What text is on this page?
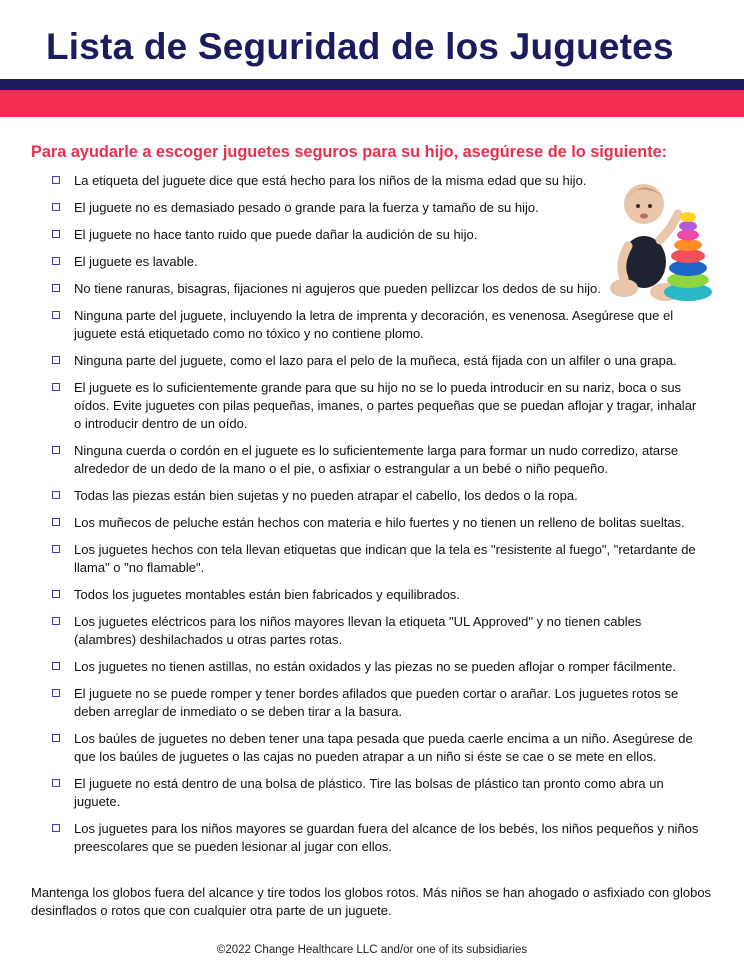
Lista de Seguridad de los Juguetes
Para ayudarle a escoger juguetes seguros para su hijo, asegúrese de lo siguiente:
La etiqueta del juguete dice que está hecho para los niños de la misma edad que su hijo.
El juguete no es demasiado pesado o grande para la fuerza y tamaño de su hijo.
El juguete no hace tanto ruido que puede dañar la audición de su hijo.
El juguete es lavable.
No tiene ranuras, bisagras, fijaciones ni agujeros que pueden pellizcar los dedos de su hijo.
Ninguna parte del juguete, incluyendo la letra de imprenta y decoración, es venenosa. Asegúrese que el juguete está etiquetado como no tóxico y no contiene plomo.
Ninguna parte del juguete, como el lazo para el pelo de la muñeca, está fijada con un alfiler o una grapa.
El juguete es lo suficientemente grande para que su hijo no se lo pueda introducir en su nariz, boca o sus oídos. Evite juguetes con pilas pequeñas, imanes, o partes pequeñas que se puedan aflojar y tragar, inhalar o introducir dentro de un oído.
Ninguna cuerda o cordón en el juguete es lo suficientemente larga para formar un nudo corredizo, atarse alrededor de un dedo de la mano o el pie, o asfixiar o estrangular a un bebé o niño pequeño.
Todas las piezas están bien sujetas y no pueden atrapar el cabello, los dedos o la ropa.
Los muñecos de peluche están hechos con materia e hilo fuertes y no tienen un relleno de bolitas sueltas.
Los juguetes hechos con tela llevan etiquetas que indican que la tela es "resistente al fuego", "retardante de llama" o "no flamable".
Todos los juguetes montables están bien fabricados y equilibrados.
Los juguetes eléctricos para los niños mayores llevan la etiqueta "UL Approved" y no tienen cables (alambres) deshilachados u otras partes rotas.
Los juguetes no tienen astillas, no están oxidados y las piezas no se pueden aflojar o romper fácilmente.
El juguete no se puede romper y tener bordes afilados que pueden cortar o arañar. Los juguetes rotos se deben arreglar de inmediato o se deben tirar a la basura.
Los baúles de juguetes no deben tener una tapa pesada que pueda caerle encima a un niño. Asegúrese de que los baúles de juguetes o las cajas no pueden atrapar a un niño si éste se cae o se mete en ellos.
El juguete no está dentro de una bolsa de plástico. Tire las bolsas de plástico tan pronto como abra un juguete.
Los juguetes para los niños mayores se guardan fuera del alcance de los bebés, los niños pequeños y niños preescolares que se pueden lesionar al jugar con ellos.

Mantenga los globos fuera del alcance y tire todos los globos rotos. Más niños se han ahogado o asfixiado con globos desinflados o rotos que con cualquier otra parte de un juguete.

©2022 Change Healthcare LLC and/or one of its subsidiaries
